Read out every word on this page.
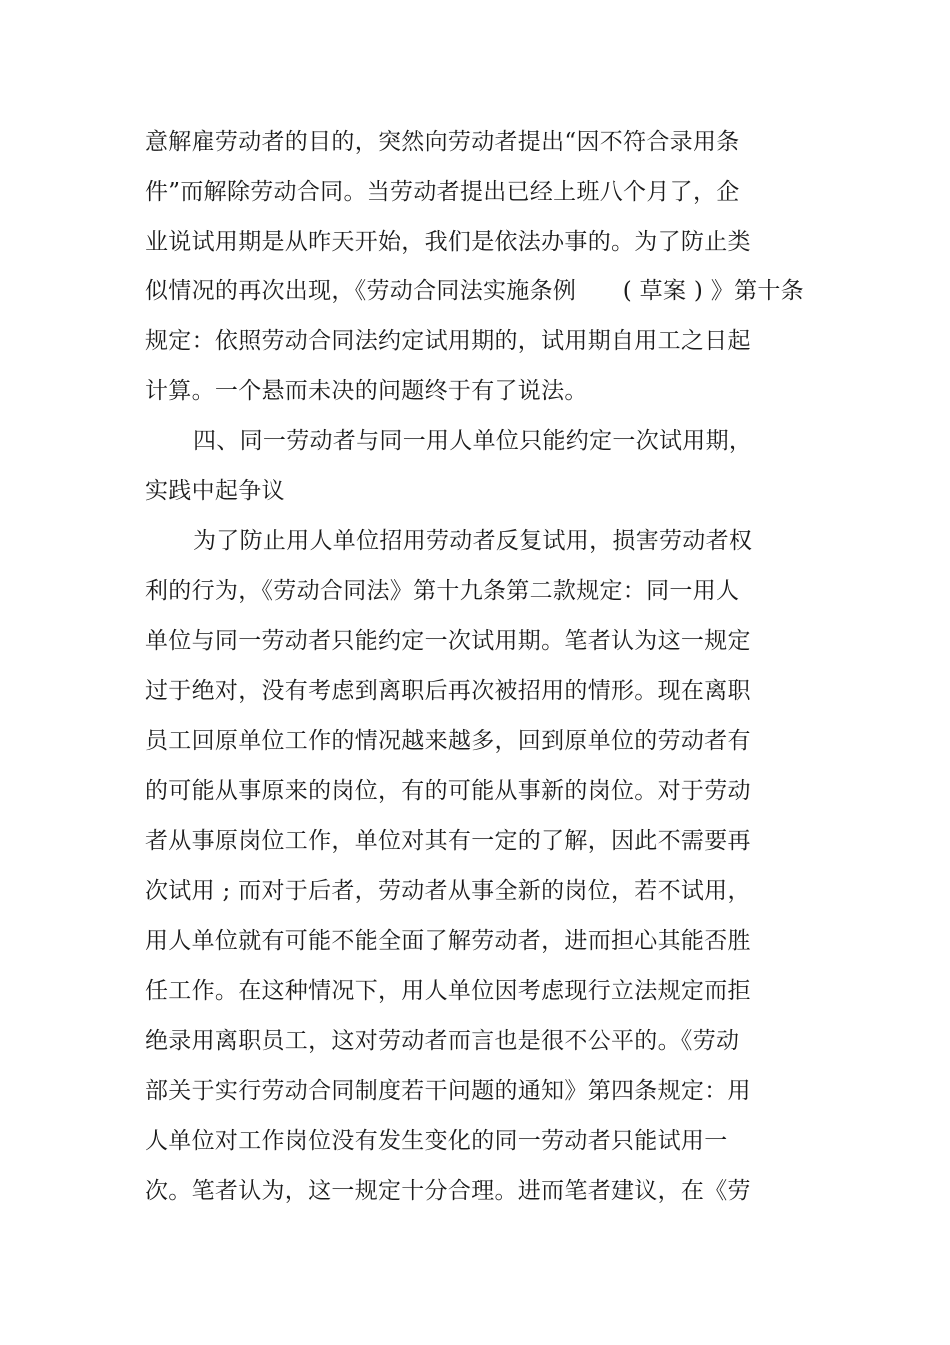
意解雇劳动者的目的，突然向劳动者提出“因不符合录用条
件”而解除劳动合同。当劳动者提出已经上班八个月了，企
业说试用期是从昨天开始，我们是依法办事的。为了防止类
似情况的再次出现，《劳动合同法实施条例　　( 草案 ) 》第十条
规定：依照劳动合同法约定试用期的，试用期自用工之日起
计算。一个悬而未决的问题终于有了说法。
四、同一劳动者与同一用人单位只能约定一次试用期，
实践中起争议
为了防止用人单位招用劳动者反复试用，损害劳动者权
利的行为，《劳动合同法》第十九条第二款规定：同一用人
单位与同一劳动者只能约定一次试用期。笔者认为这一规定
过于绝对，没有考虑到离职后再次被招用的情形。现在离职
员工回原单位工作的情况越来越多，回到原单位的劳动者有
的可能从事原来的岗位，有的可能从事新的岗位。对于劳动
者从事原岗位工作，单位对其有一定的了解，因此不需要再
次试用 ; 而对于后者，劳动者从事全新的岗位，若不试用，
用人单位就有可能不能全面了解劳动者，进而担心其能否胜
任工作。在这种情况下，用人单位因考虑现行立法规定而拒
绝录用离职员工，这对劳动者而言也是很不公平的。《劳动
部关于实行劳动合同制度若干问题的通知》第四条规定：用
人单位对工作岗位没有发生变化的同一劳动者只能试用一
次。笔者认为，这一规定十分合理。进而笔者建议，在《劳
